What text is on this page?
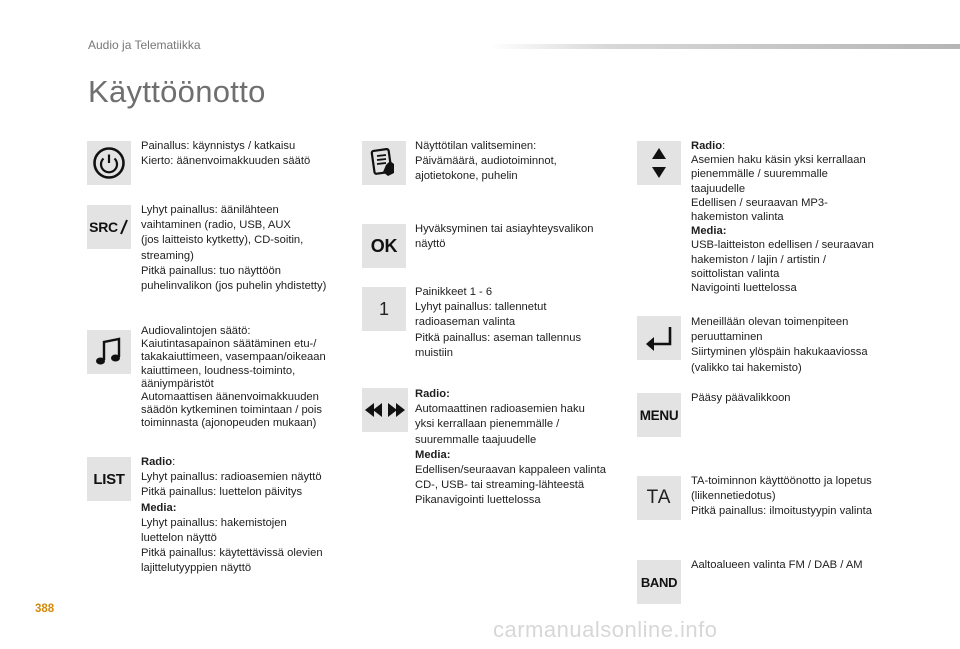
Audio ja Telematiikka
Käyttöönotto
Painallus: käynnistys / katkaisu
Kierto: äänenvoimakkuuden säätö
SRC
Lyhyt painallus: äänilähteen
vaihtaminen (radio, USB, AUX
(jos laitteisto kytketty), CD-soitin,
streaming)
Pitkä painallus: tuo näyttöön
puhelinvalikon (jos puhelin yhdistetty)
Audiovalintojen säätö:
Kaiutintasapainon säätäminen etu-/
takakaiuttimeen, vasempaan/oikeaan
kaiuttimeen, loudness-toiminto,
ääniympäristöt
Automaattisen äänenvoimakkuuden
säädön kytkeminen toimintaan / pois
toiminnasta (ajonopeuden mukaan)
LIST
Radio:
Lyhyt painallus: radioasemien näyttö
Pitkä painallus: luettelon päivitys
Media:
Lyhyt painallus: hakemistojen
luettelon näyttö
Pitkä painallus: käytettävissä olevien
lajittelutyyppien näyttö
Näyttötilan valitseminen:
Päivämäärä, audiotoiminnot,
ajotietokone, puhelin
OK
Hyväksyminen tai asiayhteysvalikon
näyttö
1
Painikkeet 1 - 6
Lyhyt painallus: tallennetut
radioaseman valinta
Pitkä painallus: aseman tallennus
muistiin
Radio:
Automaattinen radioasemien haku
yksi kerrallaan pienemmälle /
suuremmalle taajuudelle
Media:
Edellisen/seuraavan kappaleen valinta
CD-, USB- tai streaming-lähteestä
Pikanavigointi luettelossa
Radio:
Asemien haku käsin yksi kerrallaan
pienemmälle / suuremmalle
taajuudelle
Edellisen / seuraavan MP3-
hakemiston valinta
Media:
USB-laitteiston edellisen / seuraavan
hakemiston / lajin / artistin /
soittolistan valinta
Navigointi luettelossa
Meneillään olevan toimenpiteen
peruuttaminen
Siirtyminen ylöspäin hakukaaviossa
(valikko tai hakemisto)
MENU
Pääsy päävalikkoon
TA
TA-toiminnon käyttöönotto ja lopetus
(liikennetiedotus)
Pitkä painallus: ilmoitustyypin valinta
BAND
Aaltoalueen valinta FM / DAB / AM
388
carmanualsonline.info
